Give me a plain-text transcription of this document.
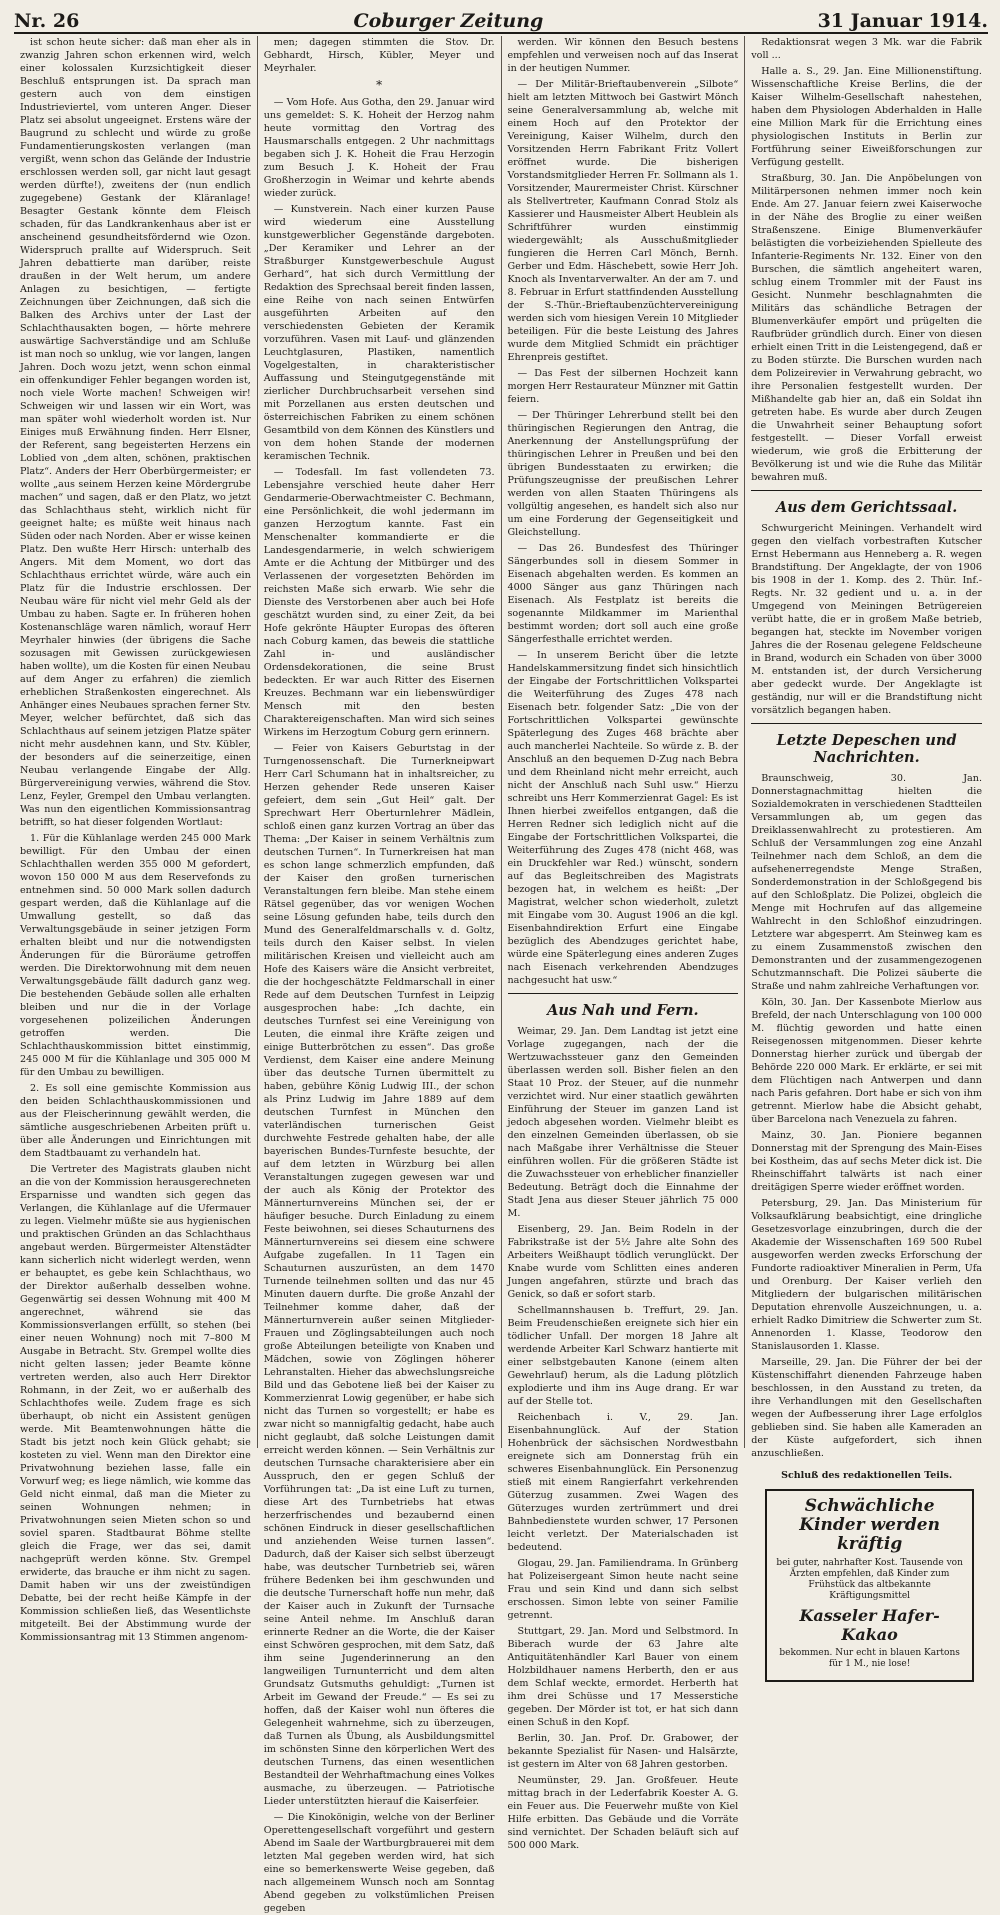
Nr. 26	Coburger Zeitung	31 Januar 1914.

ist schon heute sicher: daß man eher als in zwanzig Jahren schon erkennen wird, welch einer kolossalen Kurzsichtigkeit dieser Beschluß entsprungen ist. Da sprach man gestern auch von dem einstigen Industrieviertel, vom unteren Anger. Dieser Platz sei absolut ungeeignet. Erstens wäre der Baugrund zu schlecht und würde zu große Fundamentierungskosten verlangen (man vergißt, wenn schon das Gelände der Industrie erschlossen werden soll, gar nicht laut gesagt werden dürfte!), zweitens der (nun endlich zugegebene) Gestank der Kläranlage! Besagter Gestank könnte dem Fleisch schaden, für das Landkrankenhaus aber ist er anscheinend gesundheitsfördernd wie Ozon. Widerspruch prallte auf Widerspruch. Seit Jahren debattierte man darüber, reiste draußen in der Welt herum, um andere Anlagen zu besichtigen, — fertigte Zeichnungen über Zeichnungen, daß sich die Balken des Archivs unter der Last der Schlachthausakten bogen, — hörte mehrere auswärtige Sachverständige und am Schluße ist man noch so unklug, wie vor langen, langen Jahren. Doch wozu jetzt, wenn schon einmal ein offenkundiger Fehler begangen worden ist, noch viele Worte machen! Schweigen wir! Schweigen wir und lassen wir ein Wort, was man später wohl wiederholt worden ist. Nur Einiges muß Erwähnung finden. Herr Elsner, der Referent, sang begeisterten Herzens ein Loblied von „dem alten, schönen, praktischen Platz“. Anders der Herr Oberbürgermeister; er wollte „aus seinem Herzen keine Mördergrube machen“ und sagen, daß er den Platz, wo jetzt das Schlachthaus steht, wirklich nicht für geeignet halte; es müßte weit hinaus nach Süden oder nach Norden. Aber er wisse keinen Platz. Den wußte Herr Hirsch: unterhalb des Angers. Mit dem Moment, wo dort das Schlachthaus errichtet würde, wäre auch ein Platz für die Industrie erschlossen. Der Neubau wäre für nicht viel mehr Geld als der Umbau zu haben. Sagte er. In früheren hohen Kostenanschläge waren nämlich, worauf Herr Meyrhaler hinwies (der übrigens die Sache sozusagen mit Gewissen zurückgewiesen haben wollte), um die Kosten für einen Neubau auf dem Anger zu erfahren) die ziemlich erheblichen Straßenkosten eingerechnet. Als Anhänger eines Neubaues sprachen ferner Stv. Meyer, welcher befürchtet, daß sich das Schlachthaus auf seinem jetzigen Platze später nicht mehr ausdehnen kann, und Stv. Kübler, der besonders auf die seinerzeitige, einen Neubau verlangende Eingabe der Allg. Bürgervereinigung verwies, während die Stov. Lenz, Feyler, Grempel den Umbau verlangten. Was nun den eigentlichen Kommissionsantrag betrifft, so hat dieser folgenden Wortlaut:

1. Für die Kühlanlage werden 245 000 Mark bewilligt. Für den Umbau der einen Schlachthallen werden 355 000 M gefordert, wovon 150 000 M aus dem Reservefonds zu entnehmen sind. 50 000 Mark sollen dadurch gespart werden, daß die Kühlanlage auf die Umwallung gestellt, so daß das Verwaltungsgebäude in seiner jetzigen Form erhalten bleibt und nur die notwendigsten Änderungen für die Büroräume getroffen werden. Die Direktorwohnung mit dem neuen Verwaltungsgebäude fällt dadurch ganz weg. Die bestehenden Gebäude sollen alle erhalten bleiben und nur die in der Vorlage vorgesehenen polizeilichen Änderungen getroffen werden. Die Schlachthauskommission bittet einstimmig, 245 000 M für die Kühlanlage und 305 000 M für den Umbau zu bewilligen.

2. Es soll eine gemischte Kommission aus den beiden Schlachthauskommissionen und aus der Fleischerinnung gewählt werden, die sämtliche ausgeschriebenen Arbeiten prüft u. über alle Änderungen und Einrichtungen mit dem Stadtbauamt zu verhandeln hat.

Die Vertreter des Magistrats glauben nicht an die von der Kommission herausgerechneten Ersparnisse und wandten sich gegen das Verlangen, die Kühlanlage auf die Ufermauer zu legen. Vielmehr müßte sie aus hygienischen und praktischen Gründen an das Schlachthaus angebaut werden. Bürgermeister Altenstädter kann sicherlich nicht widerlegt werden, wenn er behauptet, es gebe kein Schlachthaus, wo der Direktor außerhalb desselben wohne. Gegenwärtig sei dessen Wohnung mit 400 M angerechnet, während sie das Kommissionsverlangen erfüllt, so stehen (bei einer neuen Wohnung) noch mit 7–800 M Ausgabe in Betracht. Stv. Grempel wollte dies nicht gelten lassen; jeder Beamte könne vertreten werden, also auch Herr Direktor Rohmann, in der Zeit, wo er außerhalb des Schlachthofes weile. Zudem frage es sich überhaupt, ob nicht ein Assistent genügen werde. Mit Beamtenwohnungen hätte die Stadt bis jetzt noch kein Glück gehabt; sie kosteten zu viel. Wenn man den Direktor eine Privatwohnung beziehen lasse, falle ein Vorwurf weg; es liege nämlich, wie komme das Geld nicht einmal, daß man die Mieter zu seinen Wohnungen nehmen; in Privatwohnungen seien Mieten schon so und soviel sparen. Stadtbaurat Böhme stellte gleich die Frage, wer das sei, damit nachgeprüft werden könne. Stv. Grempel erwiderte, das brauche er ihm nicht zu sagen. Damit haben wir uns der zweistündigen Debatte, bei der recht heiße Kämpfe in der Kommission schließen ließ, das Wesentlichste mitgeteilt. Bei der Abstimmung wurde der Kommissionsantrag mit 13 Stimmen angenom-

men; dagegen stimmten die Stov. Dr. Gebhardt, Hirsch, Kübler, Meyer und Meyrhaler.

*

— Vom Hofe. Aus Gotha, den 29. Januar wird uns gemeldet: S. K. Hoheit der Herzog nahm heute vormittag den Vortrag des Hausmarschalls entgegen. 2 Uhr nachmittags begaben sich J. K. Hoheit die Frau Herzogin zum Besuch J. K. Hoheit der Frau Großherzogin in Weimar und kehrte abends wieder zurück.

— Kunstverein. Nach einer kurzen Pause wird wiederum eine Ausstellung kunstgewerblicher Gegenstände dargeboten. „Der Keramiker und Lehrer an der Straßburger Kunstgewerbeschule August Gerhard“, hat sich durch Vermittlung der Redaktion des Sprechsaal bereit finden lassen, eine Reihe von nach seinen Entwürfen ausgeführten Arbeiten auf den verschiedensten Gebieten der Keramik vorzuführen. Vasen mit Lauf- und glänzenden Leuchtglasuren, Plastiken, namentlich Vogelgestalten, in charakteristischer Auffassung und Steingutgegenstände mit zierlicher Durchbruchsarbeit versehen sind mit Porzellanen aus ersten deutschen und österreichischen Fabriken zu einem schönen Gesamtbild von dem Können des Künstlers und von dem hohen Stande der modernen keramischen Technik.

— Todesfall. Im fast vollendeten 73. Lebensjahre verschied heute daher Herr Gendarmerie-Oberwachtmeister C. Bechmann, eine Persönlichkeit, die wohl jedermann im ganzen Herzogtum kannte. Fast ein Menschenalter kommandierte er die Landesgendarmerie, in welch schwierigem Amte er die Achtung der Mitbürger und des Verlassenen der vorgesetzten Behörden im reichsten Maße sich erwarb. Wie sehr die Dienste des Verstorbenen aber auch bei Hofe geschätzt wurden sind, zu einer Zeit, da bei Hofe gekrönte Häupter Europas des öfteren nach Coburg kamen, das beweis die stattliche Zahl in- und ausländischer Ordensdekorationen, die seine Brust bedeckten. Er war auch Ritter des Eisernen Kreuzes. Bechmann war ein liebenswürdiger Mensch mit den besten Charaktereigenschaften. Man wird sich seines Wirkens im Herzogtum Coburg gern erinnern.

— Feier von Kaisers Geburtstag in der Turngenossenschaft. Die Turnerkneipwart Herr Carl Schumann hat in inhaltsreicher, zu Herzen gehender Rede unseren Kaiser gefeiert, dem sein „Gut Heil“ galt. Der Sprechwart Herr Oberturnlehrer Mädlein, schloß einen ganz kurzen Vortrag an über das Thema: „Der Kaiser in seinem Verhältnis zum deutschen Turnen“. In Turnerkreisen hat man es schon lange schmerzlich empfunden, daß der Kaiser den großen turnerischen Veranstaltungen fern bleibe. Man stehe einem Rätsel gegenüber, das vor wenigen Wochen seine Lösung gefunden habe, teils durch den Mund des Generalfeldmarschalls v. d. Goltz, teils durch den Kaiser selbst. In vielen militärischen Kreisen und vielleicht auch am Hofe des Kaisers wäre die Ansicht verbreitet, die der hochgeschätzte Feldmarschall in einer Rede auf dem Deutschen Turnfest in Leipzig ausgesprochen habe: „Ich dachte, ein deutsches Turnfest sei eine Vereinigung von Leuten, die einmal ihre Kräfte zeigen und einige Butterbrötchen zu essen“. Das große Verdienst, dem Kaiser eine andere Meinung über das deutsche Turnen übermittelt zu haben, gebühre König Ludwig III., der schon als Prinz Ludwig im Jahre 1889 auf dem deutschen Turnfest in München den vaterländischen turnerischen Geist durchwehte Festrede gehalten habe, der alle bayerischen Bundes-Turnfeste besuchte, der auf dem letzten in Würzburg bei allen Veranstaltungen zugegen gewesen war und der auch als König der Protektor des Männerturnvereins München sei, der er häufiger besuche. Durch Einladung zu einem Feste beiwohnen, sei dieses Schauturnens des Männerturnvereins sei diesem eine schwere Aufgabe zugefallen. In 11 Tagen ein Schauturnen auszurüsten, an dem 1470 Turnende teilnehmen sollten und das nur 45 Minuten dauern durfte. Die große Anzahl der Teilnehmer komme daher, daß der Männerturnverein außer seinen Mitglieder-Frauen und Zöglingsabteilungen auch noch große Abteilungen beteiligte von Knaben und Mädchen, sowie von Zöglingen höherer Lehranstalten. Hieher das abwechslungsreiche Bild und das Gebotene ließ bei der Kaiser zu Kommerzienrat Lowig gegenüber, er habe sich nicht das Turnen so vorgestellt; er habe es zwar nicht so mannigfaltig gedacht, habe auch nicht geglaubt, daß solche Leistungen damit erreicht werden können. — Sein Verhältnis zur deutschen Turnsache charakterisiere aber ein Ausspruch, den er gegen Schluß der Vorführungen tat: „Da ist eine Luft zu turnen, diese Art des Turnbetriebs hat etwas herzerfrischendes und bezaubernd einen schönen Eindruck in dieser gesellschaftlichen und anziehenden Weise turnen lassen“. Dadurch, daß der Kaiser sich selbst überzeugt habe, was deutscher Turnbetrieb sei, wären frühere Bedenken bei ihm geschwunden und die deutsche Turnerschaft hoffe nun mehr, daß der Kaiser auch in Zukunft der Turnsache seine Anteil nehme. Im Anschluß daran erinnerte Redner an die Worte, die der Kaiser einst Schwören gesprochen, mit dem Satz, daß ihm seine Jugenderinnerung an den langweiligen Turnunterricht und dem alten Grundsatz Gutsmuths gehuldigt: „Turnen ist Arbeit im Gewand der Freude.“ — Es sei zu hoffen, daß der Kaiser wohl nun öfteres die Gelegenheit wahrnehme, sich zu überzeugen, daß Turnen als Übung, als Ausbildungsmittel im schönsten Sinne den körperlichen Wert des deutschen Turnens, das einen wesentlichen Bestandteil der Wehrhaftmachung eines Volkes ausmache, zu überzeugen. — Patriotische Lieder unterstützten hierauf die Kaiserfeier.

— Die Kinokönigin, welche von der Berliner Operettengesellschaft vorgeführt und gestern Abend im Saale der Wartburgbrauerei mit dem letzten Mal gegeben werden wird, hat sich eine so bemerkenswerte Weise gegeben, daß nach allgemeinem Wunsch noch am Sonntag Abend gegeben zu volkstümlichen Preisen gegeben

werden. Wir können den Besuch bestens empfehlen und verweisen noch auf das Inserat in der heutigen Nummer.

— Der Militär-Brieftaubenverein „Silbote“ hielt am letzten Mittwoch bei Gastwirt Mönch seine Generalversammlung ab, welche mit einem Hoch auf den Protektor der Vereinigung, Kaiser Wilhelm, durch den Vorsitzenden Herrn Fabrikant Fritz Vollert eröffnet wurde. Die bisherigen Vorstandsmitglieder Herren Fr. Sollmann als 1. Vorsitzender, Maurermeister Christ. Kürschner als Stellvertreter, Kaufmann Conrad Stolz als Kassierer und Hausmeister Albert Heublein als Schriftführer wurden einstimmig wiedergewählt; als Ausschußmitglieder fungieren die Herren Carl Mönch, Bernh. Gerber und Edm. Häschebett, sowie Herr Joh. Knoch als Inventarverwalter. An der am 7. und 8. Februar in Erfurt stattfindenden Ausstellung der S.-Thür.-Brieftaubenzüchtervereinigung werden sich vom hiesigen Verein 10 Mitglieder beteiligen. Für die beste Leistung des Jahres wurde dem Mitglied Schmidt ein prächtiger Ehrenpreis gestiftet.

— Das Fest der silbernen Hochzeit kann morgen Herr Restaurateur Münzner mit Gattin feiern.

— Der Thüringer Lehrerbund stellt bei den thüringischen Regierungen den Antrag, die Anerkennung der Anstellungsprüfung der thüringischen Lehrer in Preußen und bei den übrigen Bundesstaaten zu erwirken; die Prüfungszeugnisse der preußischen Lehrer werden von allen Staaten Thüringens als vollgültig angesehen, es handelt sich also nur um eine Forderung der Gegenseitigkeit und Gleichstellung.

— Das 26. Bundesfest des Thüringer Sängerbundes soll in diesem Sommer in Eisenach abgehalten werden. Es kommen an 4000 Sänger aus ganz Thüringen nach Eisenach. Als Festplatz ist bereits die sogenannte Mildkammer im Marienthal bestimmt worden; dort soll auch eine große Sängerfesthalle errichtet werden.

— In unserem Bericht über die letzte Handelskammersitzung findet sich hinsichtlich der Eingabe der Fortschrittlichen Volkspartei die Weiterführung des Zuges 478 nach Eisenach betr. folgender Satz: „Die von der Fortschrittlichen Volkspartei gewünschte Späterlegung des Zuges 468 brächte aber auch mancherlei Nachteile. So würde z. B. der Anschluß an den bequemen D-Zug nach Bebra und dem Rheinland nicht mehr erreicht, auch nicht der Anschluß nach Suhl usw.“ Hierzu schreibt uns Herr Kommerzienrat Gagel: Es ist Ihnen hierbei zweifellos entgangen, daß die Herren Redner sich lediglich nicht auf die Eingabe der Fortschrittlichen Volkspartei, die Weiterführung des Zuges 478 (nicht 468, was ein Druckfehler war Red.) wünscht, sondern auf das Begleitschreiben des Magistrats bezogen hat, in welchem es heißt: „Der Magistrat, welcher schon wiederholt, zuletzt mit Eingabe vom 30. August 1906 an die kgl. Eisenbahndirektion Erfurt eine Eingabe bezüglich des Abendzuges gerichtet habe, würde eine Späterlegung eines anderen Zuges nach Eisenach verkehrenden Abendzuges nachgesucht hat usw.“

Aus Nah und Fern.

Weimar, 29. Jan. Dem Landtag ist jetzt eine Vorlage zugegangen, nach der die Wertzuwachssteuer ganz den Gemeinden überlassen werden soll. Bisher fielen an den Staat 10 Proz. der Steuer, auf die nunmehr verzichtet wird. Nur einer staatlich gewährten Einführung der Steuer im ganzen Land ist jedoch abgesehen worden. Vielmehr bleibt es den einzelnen Gemeinden überlassen, ob sie nach Maßgabe ihrer Verhältnisse die Steuer einführen wollen. Für die größeren Städte ist die Zuwachssteuer von erheblicher finanzieller Bedeutung. Beträgt doch die Einnahme der Stadt Jena aus dieser Steuer jährlich 75 000 M.

Eisenberg, 29. Jan. Beim Rodeln in der Fabrikstraße ist der 5½ Jahre alte Sohn des Arbeiters Weißhaupt tödlich verunglückt. Der Knabe wurde vom Schlitten eines anderen Jungen angefahren, stürzte und brach das Genick, so daß er sofort starb.

Schellmannshausen b. Treffurt, 29. Jan. Beim Freudenschießen ereignete sich hier ein tödlicher Unfall. Der morgen 18 Jahre alt werdende Arbeiter Karl Schwarz hantierte mit einer selbstgebauten Kanone (einem alten Gewehrlauf) herum, als die Ladung plötzlich explodierte und ihm ins Auge drang. Er war auf der Stelle tot.

Reichenbach i. V., 29. Jan. Eisenbahnunglück. Auf der Station Hohenbrück der sächsischen Nordwestbahn ereignete sich am Donnerstag früh ein schweres Eisenbahnunglück. Ein Personenzug stieß mit einem Rangierfahrt verkehrenden Güterzug zusammen. Zwei Wagen des Güterzuges wurden zertrümmert und drei Bahnbedienstete wurden schwer, 17 Personen leicht verletzt. Der Materialschaden ist bedeutend.

Glogau, 29. Jan. Familiendrama. In Grünberg hat Polizeisergeant Simon heute nacht seine Frau und sein Kind und dann sich selbst erschossen. Simon lebte von seiner Familie getrennt.

Stuttgart, 29. Jan. Mord und Selbstmord. In Biberach wurde der 63 Jahre alte Antiquitätenhändler Karl Bauer von einem Holzbildhauer namens Herberth, den er aus dem Schlaf weckte, ermordet. Herberth hat ihm drei Schüsse und 17 Messerstiche gegeben. Der Mörder ist tot, er hat sich dann einen Schuß in den Kopf.

Berlin, 30. Jan. Prof. Dr. Grabower, der bekannte Spezialist für Nasen- und Halsärzte, ist gestern im Alter von 68 Jahren gestorben.

Neumünster, 29. Jan. Großfeuer. Heute mittag brach in der Lederfabrik Koester A. G. ein Feuer aus. Die Feuerwehr mußte von Kiel Hilfe erbitten. Das Gebäude und die Vorräte sind vernichtet. Der Schaden beläuft sich auf 500 000 Mark.

Redaktionsrat wegen 3 Mk. war die Fabrik voll ...

Halle a. S., 29. Jan. Eine Millionenstiftung. Wissenschaftliche Kreise Berlins, die der Kaiser Wilhelm-Gesellschaft nahestehen, haben dem Physiologen Abderhalden in Halle eine Million Mark für die Errichtung eines physiologischen Instituts in Berlin zur Fortführung seiner Eiweißforschungen zur Verfügung gestellt.

Straßburg, 30. Jan. Die Anpöbelungen von Militärpersonen nehmen immer noch kein Ende. Am 27. Januar feiern zwei Kaiserwoche in der Nähe des Broglie zu einer weißen Straßenszene. Einige Blumenverkäufer belästigten die vorbeiziehenden Spielleute des Infanterie-Regiments Nr. 132. Einer von den Burschen, die sämtlich angeheitert waren, schlug einem Trommler mit der Faust ins Gesicht. Nunmehr beschlagnahmten die Militärs das schändliche Betragen der Blumenverkäufer empört und prügelten die Raufbrüder gründlich durch. Einer von diesen erhielt einen Tritt in die Leistengegend, daß er zu Boden stürzte. Die Burschen wurden nach dem Polizeirevier in Verwahrung gebracht, wo ihre Personalien festgestellt wurden. Der Mißhandelte gab hier an, daß ein Soldat ihn getreten habe. Es wurde aber durch Zeugen die Unwahrheit seiner Behauptung sofort festgestellt. — Dieser Vorfall erweist wiederum, wie groß die Erbitterung der Bevölkerung ist und wie die Ruhe das Militär bewahren muß.

Aus dem Gerichtssaal.

Schwurgericht Meiningen. Verhandelt wird gegen den vielfach vorbestraften Kutscher Ernst Hebermann aus Henneberg a. R. wegen Brandstiftung. Der Angeklagte, der von 1906 bis 1908 in der 1. Komp. des 2. Thür. Inf.-Regts. Nr. 32 gedient und u. a. in der Umgegend von Meiningen Betrügereien verübt hatte, die er in großem Maße betrieb, begangen hat, steckte im November vorigen Jahres die der Rosenau gelegene Feldscheune in Brand, wodurch ein Schaden von über 3000 M. entstanden ist, der durch Versicherung aber gedeckt wurde. Der Angeklagte ist geständig, nur will er die Brandstiftung nicht vorsätzlich begangen haben.

Letzte Depeschen und Nachrichten.

Braunschweig, 30. Jan. Donnerstagnachmittag hielten die Sozialdemokraten in verschiedenen Stadtteilen Versammlungen ab, um gegen das Dreiklassenwahlrecht zu protestieren. Am Schluß der Versammlungen zog eine Anzahl Teilnehmer nach dem Schloß, an dem die aufsehenerregendste Menge Straßen, Sonderdemonstration in der Schloßgegend bis auf den Schloßplatz. Die Polizei, obgleich die Menge mit Hochrufen auf das allgemeine Wahlrecht in den Schloßhof einzudringen. Letztere war abgesperrt. Am Steinweg kam es zu einem Zusammenstoß zwischen den Demonstranten und der zusammengezogenen Schutzmannschaft. Die Polizei säuberte die Straße und nahm zahlreiche Verhaftungen vor.

Köln, 30. Jan. Der Kassenbote Mierlow aus Brefeld, der nach Unterschlagung von 100 000 M. flüchtig geworden und hatte einen Reisegenossen mitgenommen. Dieser kehrte Donnerstag hierher zurück und übergab der Behörde 220 000 Mark. Er erklärte, er sei mit dem Flüchtigen nach Antwerpen und dann nach Paris gefahren. Dort habe er sich von ihm getrennt. Mierlow habe die Absicht gehabt, über Barcelona nach Venezuela zu fahren.

Mainz, 30. Jan. Pioniere begannen Donnerstag mit der Sprengung des Main-Eises bei Kostheim, das auf sechs Meter dick ist. Die Rheinschiffahrt talwärts ist nach einer dreitägigen Sperre wieder eröffnet worden.

Petersburg, 29. Jan. Das Ministerium für Volksaufklärung beabsichtigt, eine dringliche Gesetzesvorlage einzubringen, durch die der Akademie der Wissenschaften 169 500 Rubel ausgeworfen werden zwecks Erforschung der Fundorte radioaktiver Mineralien in Perm, Ufa und Orenburg. Der Kaiser verlieh den Mitgliedern der bulgarischen militärischen Deputation ehrenvolle Auszeichnungen, u. a. erhielt Radko Dimitriew die Schwerter zum St. Annenorden 1. Klasse, Teodorow den Stanislausorden 1. Klasse.

Marseille, 29. Jan. Die Führer der bei der Küstenschiffahrt dienenden Fahrzeuge haben beschlossen, in den Ausstand zu treten, da ihre Verhandlungen mit den Gesellschaften wegen der Aufbesserung ihrer Lage erfolglos geblieben sind. Sie haben alle Kameraden an der Küste aufgefordert, sich ihnen anzuschließen.

Schluß des redaktionellen Teils.
Schwächliche Kinder werden kräftig
bei guter, nahrhafter Kost. Tausende von Ärzten empfehlen, daß Kinder zum Frühstück das altbekannte Kräftigungsmittel
Kasseler Hafer-Kakao
bekommen. Nur echt in blauen Kartons für 1 M., nie lose!
